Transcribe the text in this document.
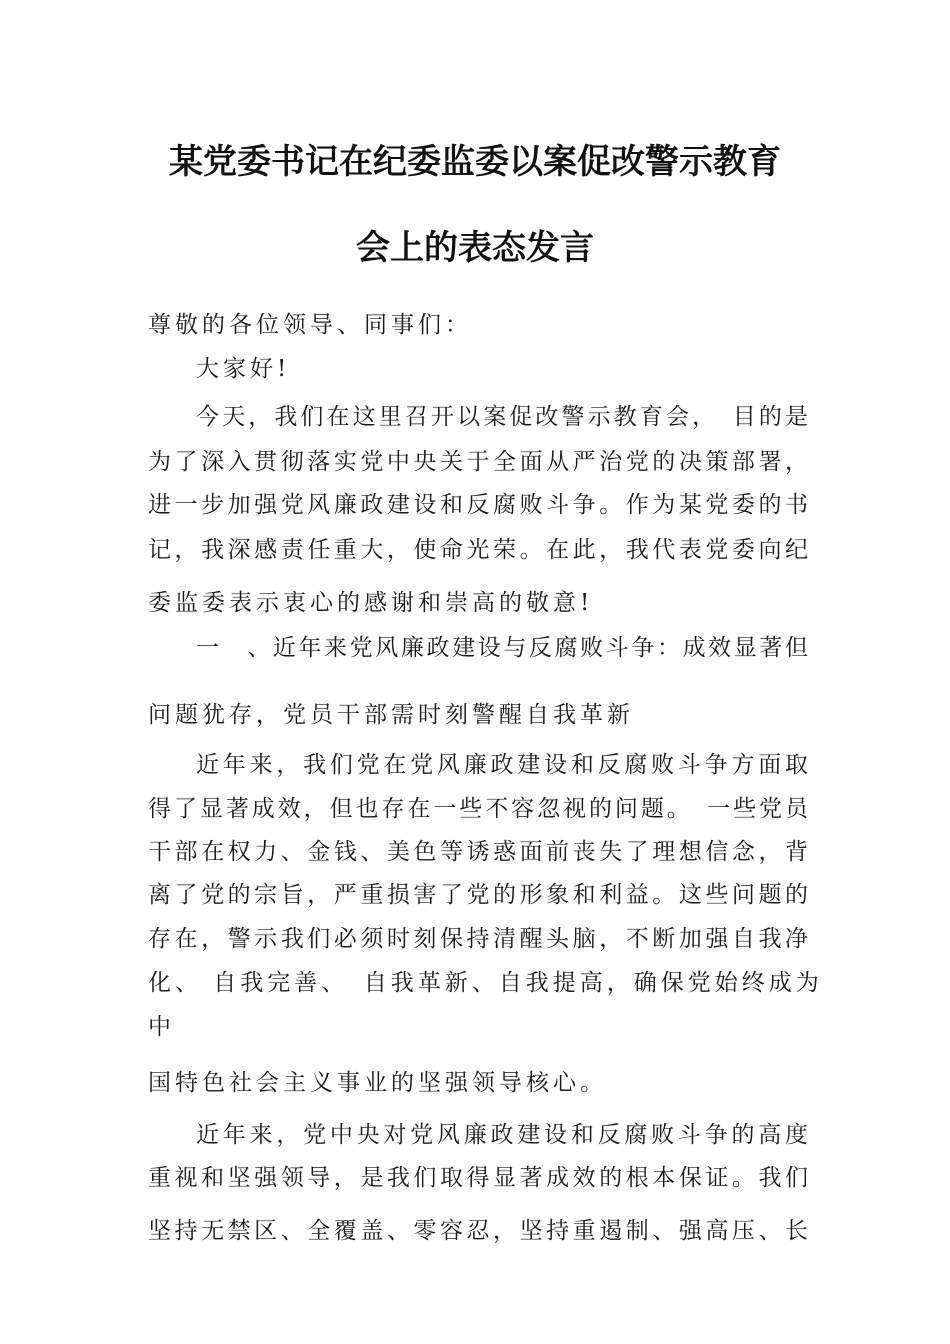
某党委书记在纪委监委以案促改警示教育
会上的表态发言
尊敬的各位领导、同事们：
大家好!
今天，我们在这里召开以案促改警示教育会，　目的是
为了深入贯彻落实党中央关于全面从严治党的决策部署，
进一步加强党风廉政建设和反腐败斗争。作为某党委的书
记，我深感责任重大，使命光荣。在此，我代表党委向纪
委监委表示衷心的感谢和崇高的敬意!
一　、近年来党风廉政建设与反腐败斗争：成效显著但
问题犹存，党员干部需时刻警醒自我革新
近年来，我们党在党风廉政建设和反腐败斗争方面取
得了显著成效，但也存在一些不容忽视的问题。　一些党员
干部在权力、金钱、美色等诱惑面前丧失了理想信念，背
离了党的宗旨，严重损害了党的形象和利益。这些问题的
存在，警示我们必须时刻保持清醒头脑，不断加强自我净
化、 自我完善、　自我革新、自我提高，确保党始终成为
中
国特色社会主义事业的坚强领导核心。
近年来，党中央对党风廉政建设和反腐败斗争的高度
重视和坚强领导，是我们取得显著成效的根本保证。我们
坚持无禁区、全覆盖、零容忍，坚持重遏制、强高压、长
